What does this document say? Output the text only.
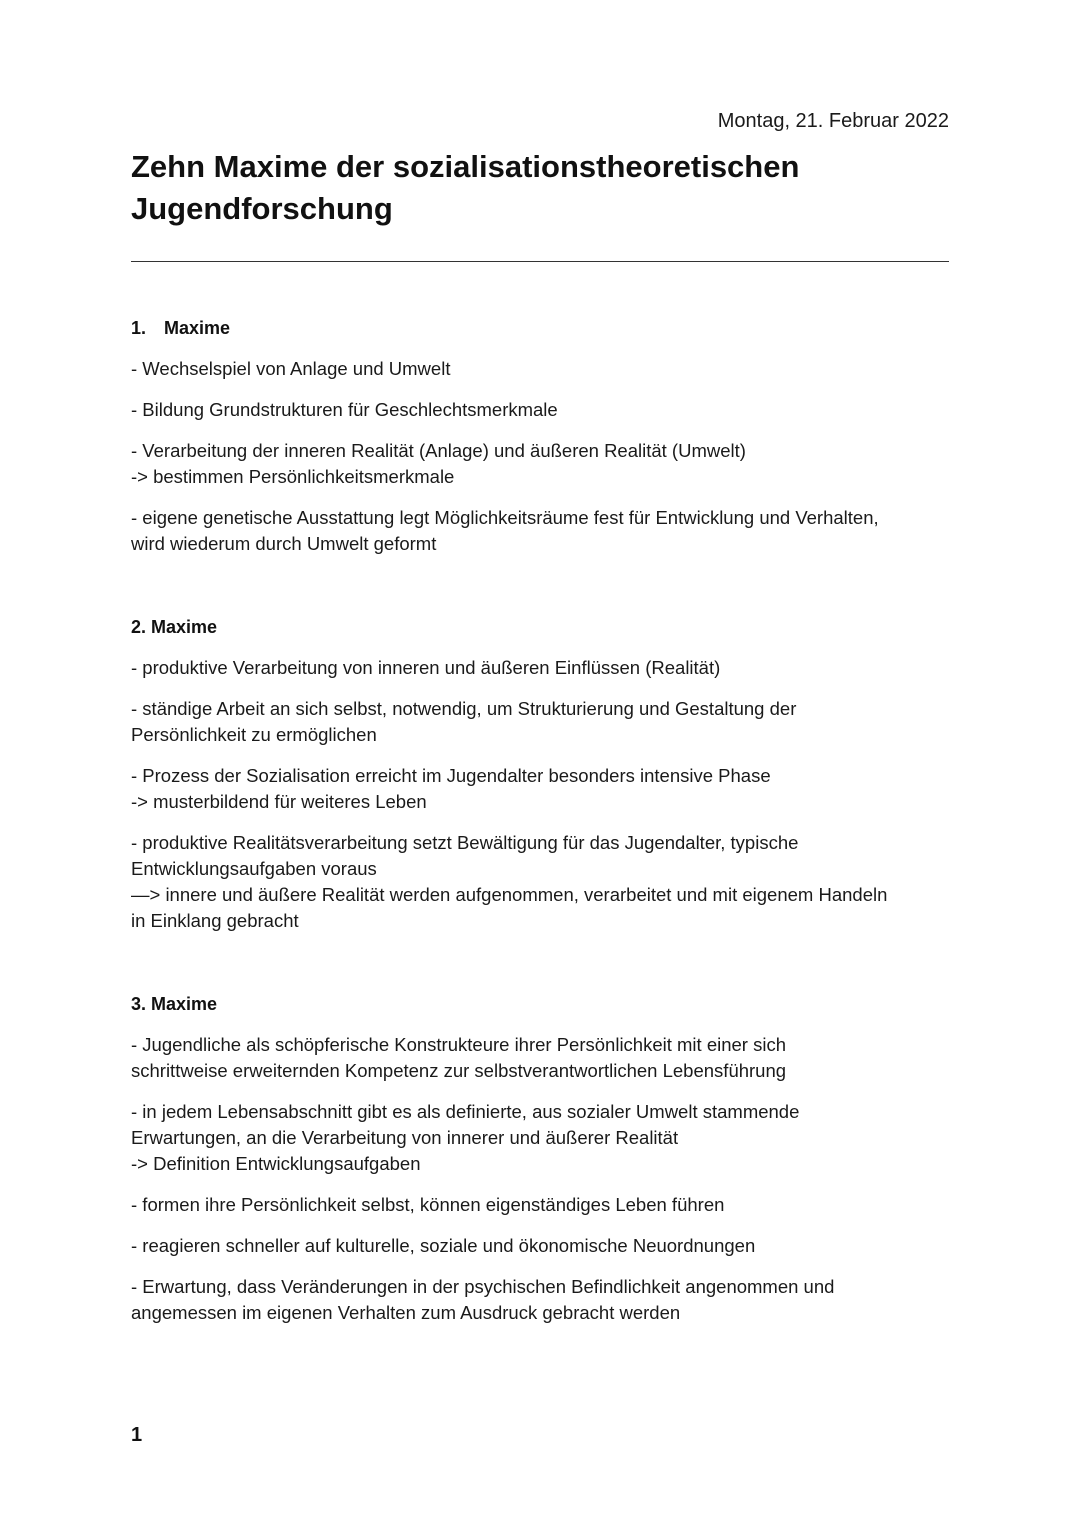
Montag, 21. Februar 2022
Zehn Maxime der sozialisationstheoretischen Jugendforschung
1. Maxime
- Wechselspiel von Anlage und Umwelt
- Bildung Grundstrukturen für Geschlechtsmerkmale
- Verarbeitung der inneren Realität (Anlage) und äußeren Realität (Umwelt)
-> bestimmen Persönlichkeitsmerkmale
- eigene genetische Ausstattung legt Möglichkeitsräume fest für Entwicklung und Verhalten,
wird wiederum durch Umwelt geformt
2. Maxime
- produktive Verarbeitung von inneren und äußeren Einflüssen (Realität)
- ständige Arbeit an sich selbst, notwendig, um Strukturierung und Gestaltung der
Persönlichkeit zu ermöglichen
- Prozess der Sozialisation erreicht im Jugendalter besonders intensive Phase
-> musterbildend für weiteres Leben
- produktive Realitätsverarbeitung setzt Bewältigung für das Jugendalter, typische
Entwicklungsaufgaben voraus
—> innere und äußere Realität werden aufgenommen, verarbeitet und mit eigenem Handeln
in Einklang gebracht
3. Maxime
- Jugendliche als schöpferische Konstrukteure ihrer Persönlichkeit mit einer sich
schrittweise erweiternden Kompetenz zur selbstverantwortlichen Lebensführung
- in jedem Lebensabschnitt gibt es als definierte, aus sozialer Umwelt stammende
Erwartungen, an die Verarbeitung von innerer und äußerer Realität
-> Definition Entwicklungsaufgaben
- formen ihre Persönlichkeit selbst, können eigenständiges Leben führen
- reagieren schneller auf kulturelle, soziale und ökonomische Neuordnungen
- Erwartung, dass Veränderungen in der psychischen Befindlichkeit angenommen und
angemessen im eigenen Verhalten zum Ausdruck gebracht werden
1
